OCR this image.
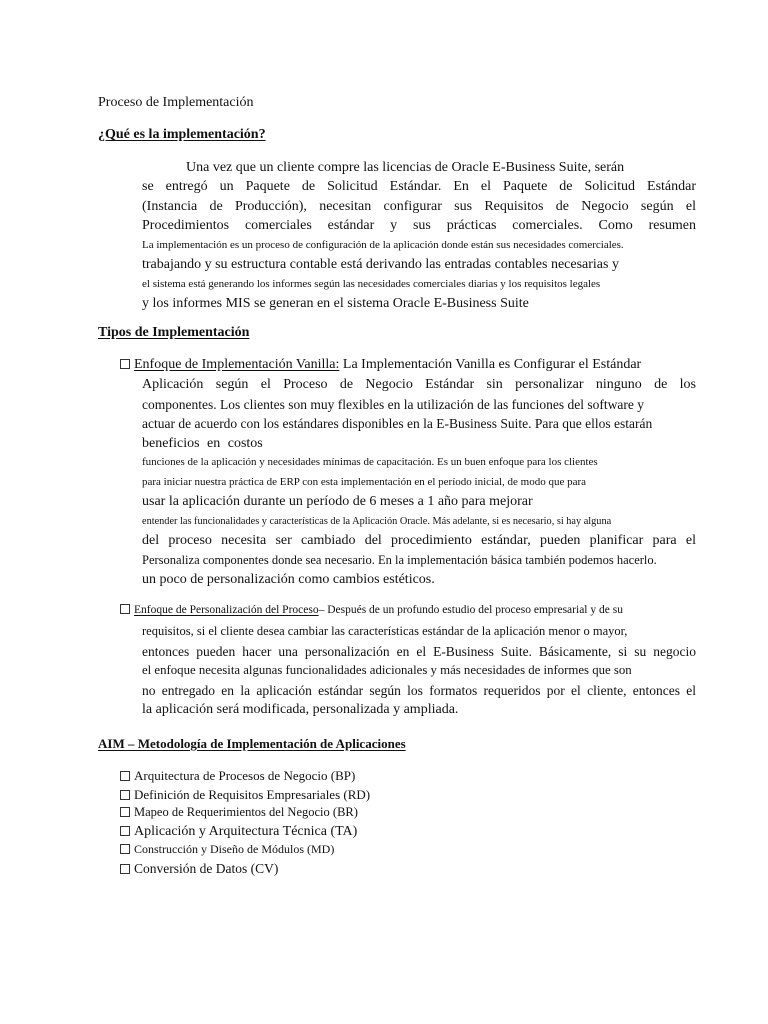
Proceso de Implementación
¿Qué es la implementación?
Una vez que un cliente compre las licencias de Oracle E-Business Suite, serán
se entregó un Paquete de Solicitud Estándar. En el Paquete de Solicitud Estándar
(Instancia de Producción), necesitan configurar sus Requisitos de Negocio según el
Procedimientos comerciales estándar y sus prácticas comerciales. Como resumen
La implementación es un proceso de configuración de la aplicación donde están sus necesidades comerciales.
trabajando y su estructura contable está derivando las entradas contables necesarias y
el sistema está generando los informes según las necesidades comerciales diarias y los requisitos legales
y los informes MIS se generan en el sistema Oracle E-Business Suite
Tipos de Implementación
Enfoque de Implementación Vanilla: La Implementación Vanilla es Configurar el Estándar
Aplicación según el Proceso de Negocio Estándar sin personalizar ninguno de los
componentes. Los clientes son muy flexibles en la utilización de las funciones del software y
actuar de acuerdo con los estándares disponibles en la E-Business Suite. Para que ellos estarán
beneficios en costos
funciones de la aplicación y necesidades mínimas de capacitación. Es un buen enfoque para los clientes
para iniciar nuestra práctica de ERP con esta implementación en el período inicial, de modo que para
usar la aplicación durante un período de 6 meses a 1 año para mejorar
entender las funcionalidades y características de la Aplicación Oracle. Más adelante, si es necesario, si hay alguna
del proceso necesita ser cambiado del procedimiento estándar, pueden planificar para el
Personaliza componentes donde sea necesario. En la implementación básica también podemos hacerlo.
un poco de personalización como cambios estéticos.
Enfoque de Personalización del Proceso– Después de un profundo estudio del proceso empresarial y de su
requisitos, si el cliente desea cambiar las características estándar de la aplicación menor o mayor,
entonces pueden hacer una personalización en el E-Business Suite. Básicamente, si su negocio
el enfoque necesita algunas funcionalidades adicionales y más necesidades de informes que son
no entregado en la aplicación estándar según los formatos requeridos por el cliente, entonces el
la aplicación será modificada, personalizada y ampliada.
AIM – Metodología de Implementación de Aplicaciones
Arquitectura de Procesos de Negocio (BP)
Definición de Requisitos Empresariales (RD)
Mapeo de Requerimientos del Negocio (BR)
Aplicación y Arquitectura Técnica (TA)
Construcción y Diseño de Módulos (MD)
Conversión de Datos (CV)
